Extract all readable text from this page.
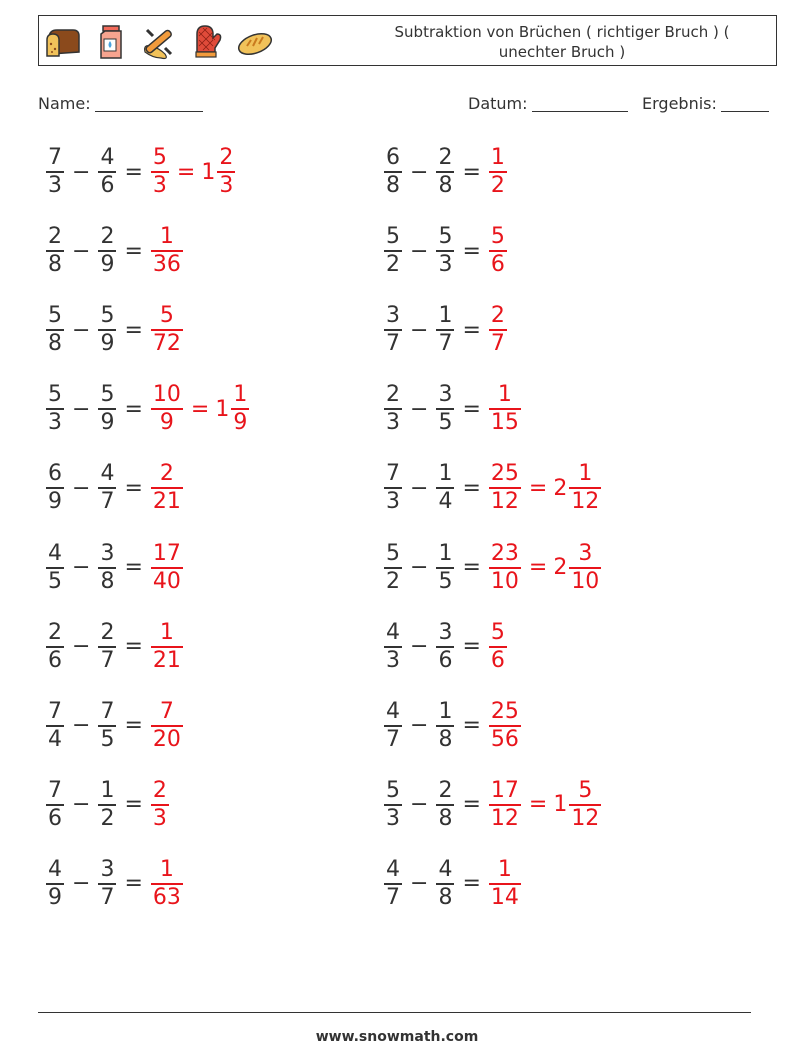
Subtraktion von Brüchen ( richtiger Bruch ) ( unechter Bruch )
Name:	Datum:	Ergebnis:
$\frac{7}{3} - \frac{4}{6} = \frac{5}{3} = 1 \frac{2}{3}$	$\frac{6}{8} - \frac{2}{8} = \frac{1}{2}$
$\frac{2}{8} - \frac{2}{9} = \frac{1}{36}$	$\frac{5}{2} - \frac{5}{3} = \frac{5}{6}$
$\frac{5}{8} - \frac{5}{9} = \frac{5}{72}$	$\frac{3}{7} - \frac{1}{7} = \frac{2}{7}$
$\frac{5}{3} - \frac{5}{9} = \frac{10}{9} = 1 \frac{1}{9}$	$\frac{2}{3} - \frac{3}{5} = \frac{1}{15}$
$\frac{6}{9} - \frac{4}{7} = \frac{2}{21}$	$\frac{7}{3} - \frac{1}{4} = \frac{25}{12} = 2 \frac{1}{12}$
$\frac{4}{5} - \frac{3}{8} = \frac{17}{40}$	$\frac{5}{2} - \frac{1}{5} = \frac{23}{10} = 2 \frac{3}{10}$
$\frac{2}{6} - \frac{2}{7} = \frac{1}{21}$	$\frac{4}{3} - \frac{3}{6} = \frac{5}{6}$
$\frac{7}{4} - \frac{7}{5} = \frac{7}{20}$	$\frac{4}{7} - \frac{1}{8} = \frac{25}{56}$
$\frac{7}{6} - \frac{1}{2} = \frac{2}{3}$	$\frac{5}{3} - \frac{2}{8} = \frac{17}{12} = 1 \frac{5}{12}$
$\frac{4}{9} - \frac{3}{7} = \frac{1}{63}$	$\frac{4}{7} - \frac{4}{8} = \frac{1}{14}$
www.snowmath.com
